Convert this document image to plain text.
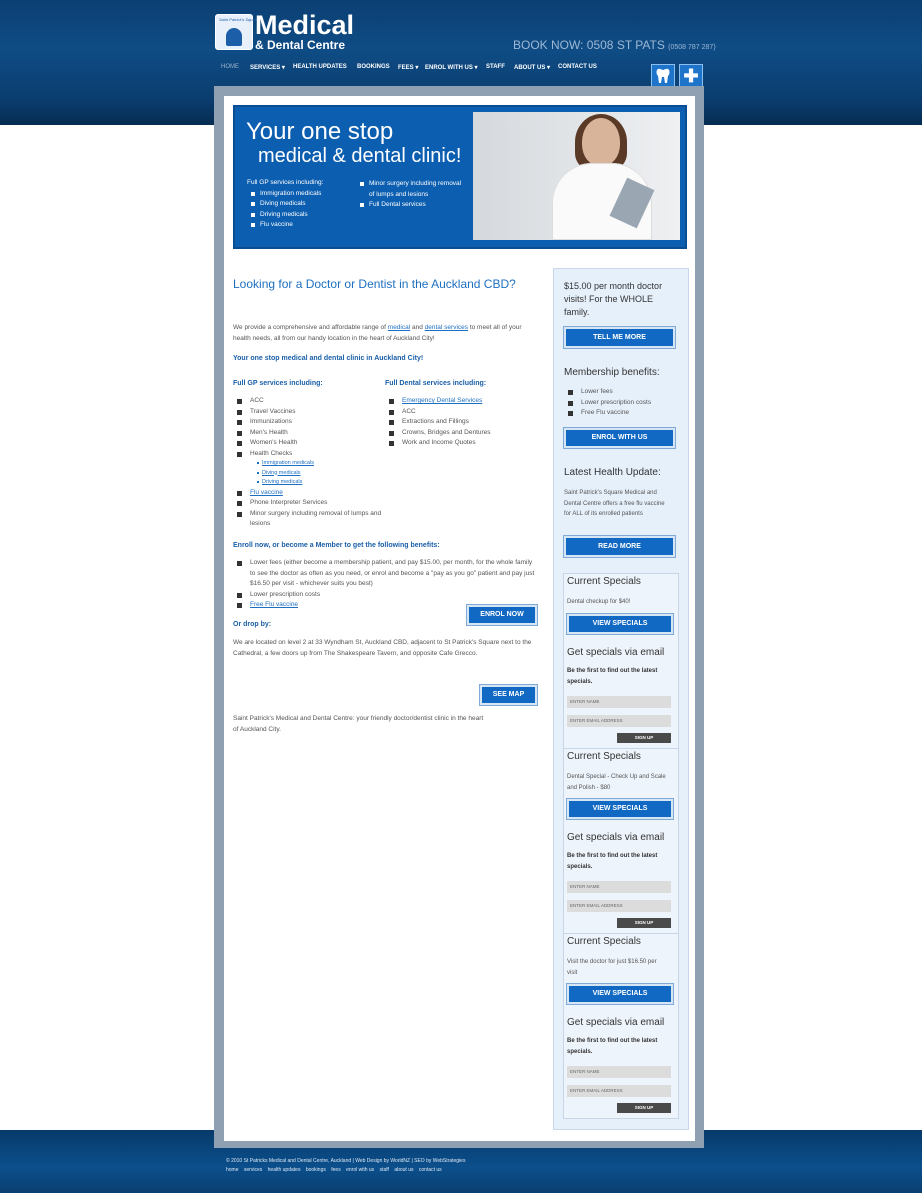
Saint Patrick's Square
Medical
& Dental Centre	BOOK NOW: 0508 ST PATS (0508 787 287)
HOME SERVICES ▾ HEALTH UPDATES BOOKINGS FEES ▾ ENROL WITH US ▾ STAFF ABOUT US ▾ CONTACT US	✚
Your one stop
medical & dental clinic!
Full GP services including:
Immigration medicals
Diving medicals
Driving medicals
Flu vaccine
Minor surgery including removal of lumps and lesions
Full Dental services
Looking for a Doctor or Dentist in the Auckland CBD?
We provide a comprehensive and affordable range of medical and dental services to meet all of your health needs, all from our handy location in the heart of Auckland City!
Your one stop medical and dental clinic in Auckland City!
Full GP services including:	Full Dental services including:
ACC
Travel Vaccines
Immunizations
Men's Health
Women's Health
Health Checks
Immigration medicals
Diving medicals
Driving medicals
Flu vaccine
Phone Interpreter Services
Minor surgery including removal of lumps and lesions
Emergency Dental Services
ACC
Extractions and Fillings
Crowns, Bridges and Dentures
Work and Income Quotes
Enroll now, or become a Member to get the following benefits:
Lower fees (either become a membership patient, and pay $15.00, per month, for the whole family to see the doctor as often as you need, or enrol and become a "pay as you go" patient and pay just $16.50 per visit - whichever suits you best)
Lower prescription costs
Free Flu vaccine
ENROL NOW
Or drop by:
We are located on level 2 at 33 Wyndham St, Auckland CBD, adjacent to St Patrick's Square next to the Cathedral, a few doors up from The Shakespeare Tavern, and opposite Cafe Grecco.
SEE MAP
Saint Patrick's Medical and Dental Centre: your friendly doctor/dentist clinic in the heart of Auckland City.
$15.00 per month doctor visits! For the WHOLE family.
TELL ME MORE
Membership benefits:
Lower fees
Lower prescription costs
Free Flu vaccine
ENROL WITH US
Latest Health Update:
Saint Patrick's Square Medical and Dental Centre offers a free flu vaccine for ALL of its enrolled patients
READ MORE
Current Specials
Dental checkup for $40!
VIEW SPECIALS
Get specials via email
Be the first to find out the latest specials.
ENTER NAME
ENTER EMAIL ADDRESS
SIGN UP
Current Specials
Dental Special - Check Up and Scale and Polish - $80
VIEW SPECIALS
Get specials via email
Be the first to find out the latest specials.
ENTER NAME
ENTER EMAIL ADDRESS
SIGN UP
Current Specials
Visit the doctor for just $16.50 per visit
VIEW SPECIALS
Get specials via email
Be the first to find out the latest specials.
ENTER NAME
ENTER EMAIL ADDRESS
SIGN UP
© 2010 St Patricks Medical and Dental Centre, Auckland | Web Design by WorldNZ | SEO by WebStrategies
home services health updates bookings fees enrol with us staff about us contact us
